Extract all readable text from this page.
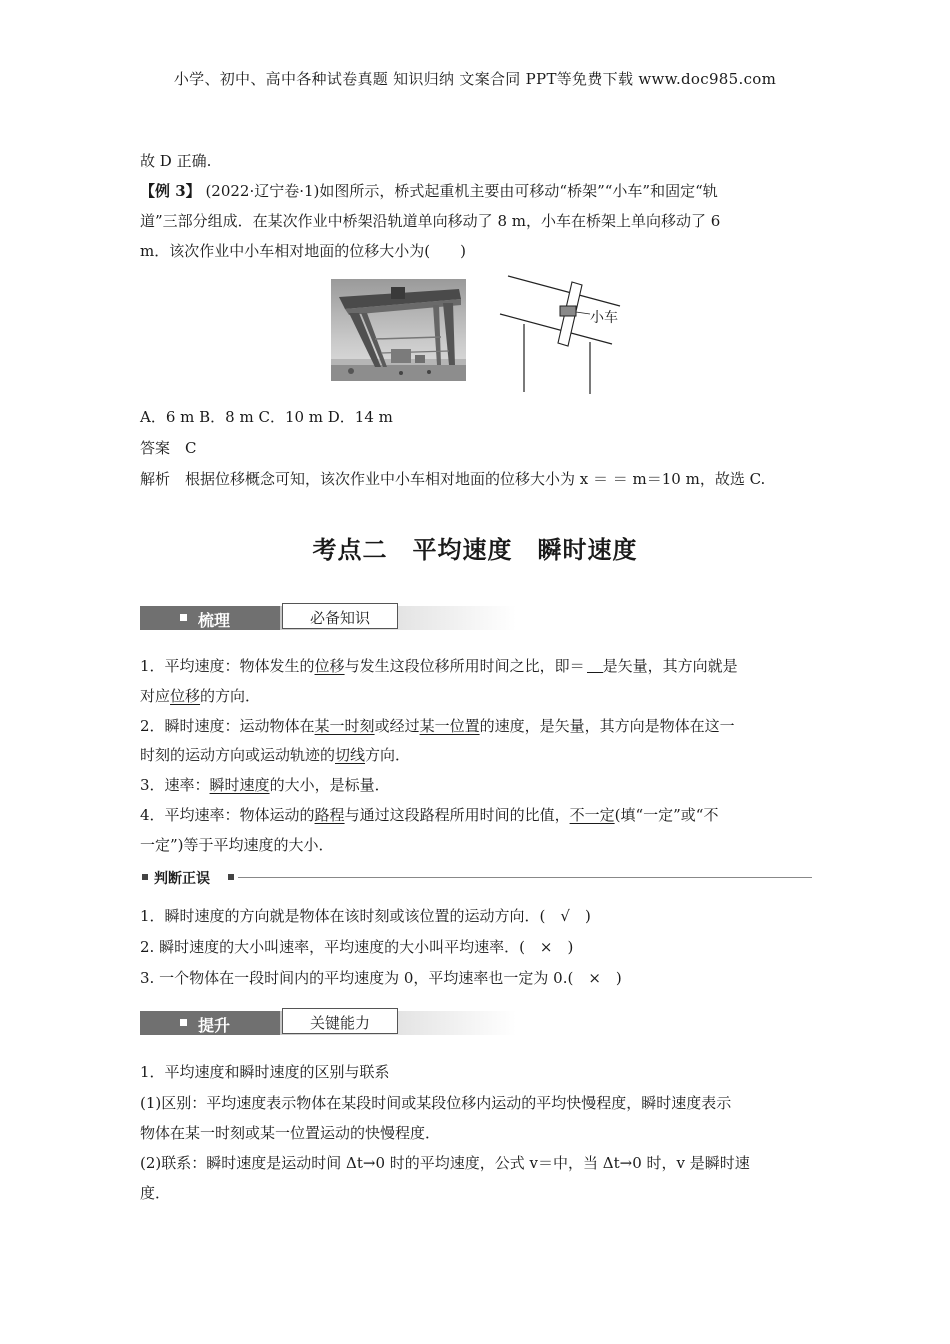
小学、初中、高中各种试卷真题 知识归纳 文案合同 PPT等免费下载 www.doc985.com
故 D 正确.
【例 3】 (2022·辽宁卷·1)如图所示，桥式起重机主要由可移动“桥架”“小车”和固定“轨
道”三部分组成．在某次作业中桥架沿轨道单向移动了 8 m，小车在桥架上单向移动了 6
m．该次作业中小车相对地面的位移大小为(　　)
小车
A．6 m B．8 m C．10 m D．14 m
答案　C
解析　根据位移概念可知，该次作业中小车相对地面的位移大小为 x ＝ ＝ m＝10 m，故选 C.
考点二　平均速度　瞬时速度
梳理	必备知识
1．平均速度：物体发生的位移与发生这段位移所用时间之比，即＝ 是矢量，其方向就是
对应位移的方向．
2．瞬时速度：运动物体在某一时刻或经过某一位置的速度，是矢量，其方向是物体在这一
时刻的运动方向或运动轨迹的切线方向．
3．速率：瞬时速度的大小，是标量．
4．平均速率：物体运动的路程与通过这段路程所用时间的比值，不一定(填“一定”或“不
一定”)等于平均速度的大小．
判断正误
1．瞬时速度的方向就是物体在该时刻或该位置的运动方向．(　√　)
2. 瞬时速度的大小叫速率，平均速度的大小叫平均速率．(　×　)
3. 一个物体在一段时间内的平均速度为 0，平均速率也一定为 0.(　×　)
提升	关键能力
1．平均速度和瞬时速度的区别与联系
(1)区别：平均速度表示物体在某段时间或某段位移内运动的平均快慢程度，瞬时速度表示
物体在某一时刻或某一位置运动的快慢程度．
(2)联系：瞬时速度是运动时间 Δt→0 时的平均速度，公式 v＝中，当 Δt→0 时，v 是瞬时速
度．
